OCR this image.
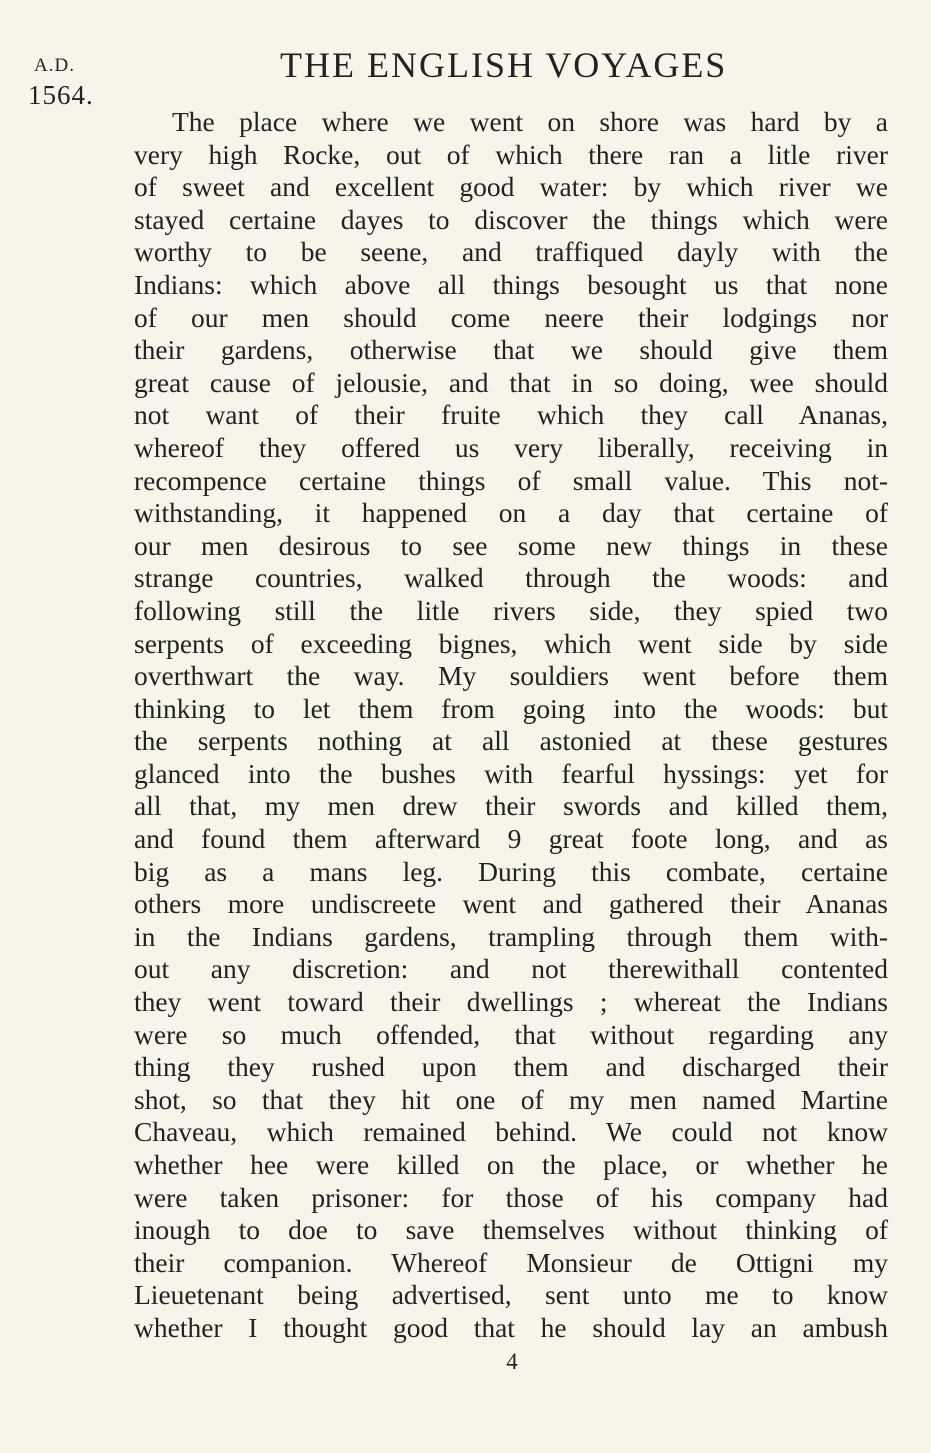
A.D.
1564.
THE ENGLISH VOYAGES
The place where we went on shore was hard by a
very high Rocke, out of which there ran a litle river
of sweet and excellent good water: by which river we
stayed certaine dayes to discover the things which were
worthy to be seene, and traffiqued dayly with the
Indians: which above all things besought us that none
of our men should come neere their lodgings nor
their gardens, otherwise that we should give them
great cause of jelousie, and that in so doing, wee should
not want of their fruite which they call Ananas,
whereof they offered us very liberally, receiving in
recompence certaine things of small value. This not-
withstanding, it happened on a day that certaine of
our men desirous to see some new things in these
strange countries, walked through the woods: and
following still the litle rivers side, they spied two
serpents of exceeding bignes, which went side by side
overthwart the way. My souldiers went before them
thinking to let them from going into the woods: but
the serpents nothing at all astonied at these gestures
glanced into the bushes with fearful hyssings: yet for
all that, my men drew their swords and killed them,
and found them afterward 9 great foote long, and as
big as a mans leg. During this combate, certaine
others more undiscreete went and gathered their Ananas
in the Indians gardens, trampling through them with-
out any discretion: and not therewithall contented
they went toward their dwellings ; whereat the Indians
were so much offended, that without regarding any
thing they rushed upon them and discharged their
shot, so that they hit one of my men named Martine
Chaveau, which remained behind. We could not know
whether hee were killed on the place, or whether he
were taken prisoner: for those of his company had
inough to doe to save themselves without thinking of
their companion. Whereof Monsieur de Ottigni my
Lieuetenant being advertised, sent unto me to know
whether I thought good that he should lay an ambush
4
